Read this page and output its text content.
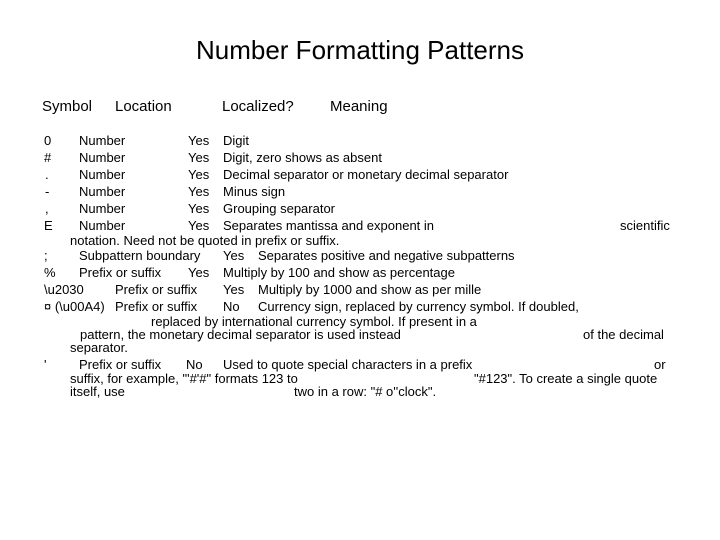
Number Formatting Patterns
Symbol Location	Localized? Meaning
0 Number	Yes Digit
# Number	Yes Digit, zero shows as absent
. Number	Yes Decimal separator or monetary decimal separator
- Number	Yes Minus sign
, Number	Yes Grouping separator
E Number	Yes Separates mantissa and exponent in	scientific
notation. Need not be quoted in prefix or suffix.
; Subpattern boundary Yes Separates positive and negative subpatterns
% Prefix or suffix Yes Multiply by 100 and show as percentage
\u2030 Prefix or suffix Yes Multiply by 1000 and show as per mille
¤ (\u00A4) Prefix or suffix No Currency sign, replaced by currency symbol. If doubled,
replaced by international currency symbol. If present in a
pattern, the monetary decimal separator is used instead	of the decimal
separator.
'	Prefix or suffix No Used to quote special characters in a prefix	or
suffix, for example, "'#'#" formats 123 to	"#123". To create a single quote
itself, use	two in a row: "# o''clock".
